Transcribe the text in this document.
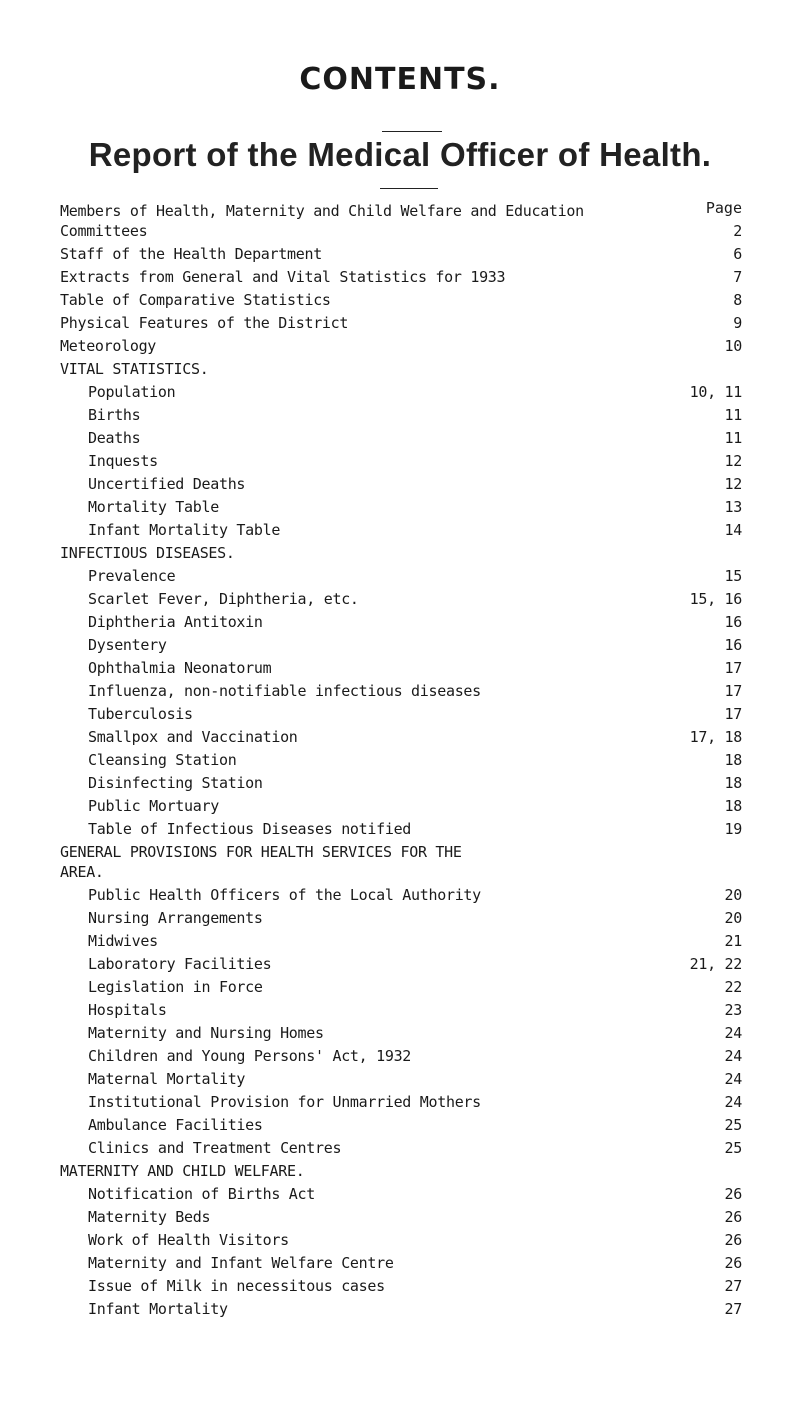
CONTENTS.
Report of the Medical Officer of Health.
Page
Members of Health, Maternity and Child Welfare and Education
Committees	2
Staff of the Health Department	6
Extracts from General and Vital Statistics for 1933	7
Table of Comparative Statistics	8
Physical Features of the District	9
Meteorology	10
VITAL STATISTICS.
Population	10, 11
Births	11
Deaths	11
Inquests	12
Uncertified Deaths	12
Mortality Table	13
Infant Mortality Table	14
INFECTIOUS DISEASES.
Prevalence	15
Scarlet Fever, Diphtheria, etc.	15, 16
Diphtheria Antitoxin	16
Dysentery	16
Ophthalmia Neonatorum	17
Influenza, non-notifiable infectious diseases	17
Tuberculosis	17
Smallpox and Vaccination	17, 18
Cleansing Station	18
Disinfecting Station	18
Public Mortuary	18
Table of Infectious Diseases notified	19
GENERAL PROVISIONS FOR HEALTH SERVICES FOR THE
AREA.
Public Health Officers of the Local Authority	20
Nursing Arrangements	20
Midwives	21
Laboratory Facilities	21, 22
Legislation in Force	22
Hospitals	23
Maternity and Nursing Homes	24
Children and Young Persons' Act, 1932	24
Maternal Mortality	24
Institutional Provision for Unmarried Mothers	24
Ambulance Facilities	25
Clinics and Treatment Centres	25
MATERNITY AND CHILD WELFARE.
Notification of Births Act	26
Maternity Beds	26
Work of Health Visitors	26
Maternity and Infant Welfare Centre	26
Issue of Milk in necessitous cases	27
Infant Mortality	27
